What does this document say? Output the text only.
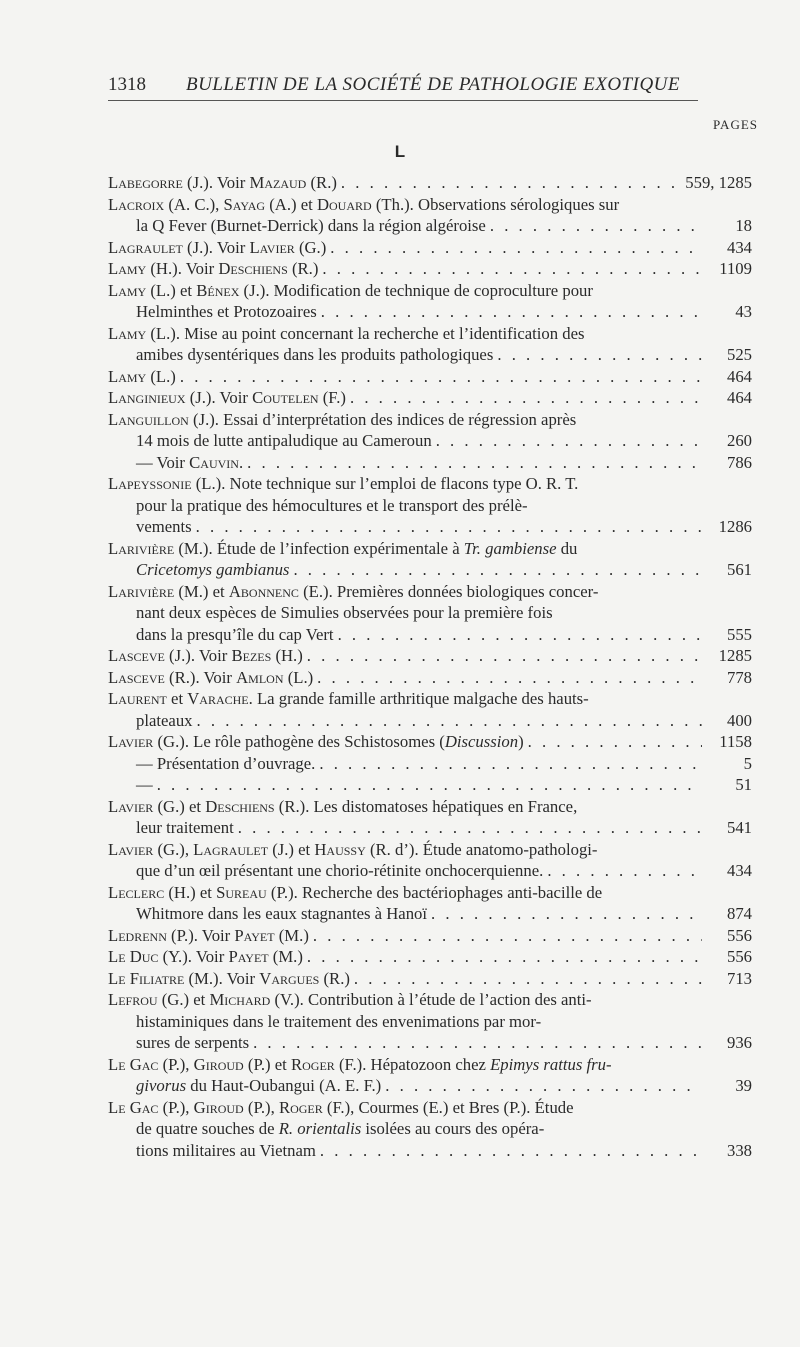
1318 BULLETIN DE LA SOCIÉTÉ DE PATHOLOGIE EXOTIQUE
PAGES
L
Labegorre (J.). Voir Mazaud (R.) . . .	559, 1285
Lacroix (A. C.), Sayag (A.) et Douard (Th.). Observations sérologiques sur
la Q Fever (Burnet-Derrick) dans la région algéroise . . .	18
Lagraulet (J.). Voir Lavier (G.) . . .	434
Lamy (H.). Voir Deschiens (R.) . . .	1109
Lamy (L.) et Bénex (J.). Modification de technique de coproculture pour
Helminthes et Protozoaires . . .	43
Lamy (L.). Mise au point concernant la recherche et l’identification des
amibes dysentériques dans les produits pathologiques . . .	525
Lamy (L.) . . .	464
Langinieux (J.). Voir Coutelen (F.) . . .	464
Languillon (J.). Essai d’interprétation des indices de régression après
14 mois de lutte antipaludique au Cameroun . . .	260
— Voir Cauvin. . . .	786
Lapeyssonie (L.). Note technique sur l’emploi de flacons type O. R. T.
pour la pratique des hémocultures et le transport des prélè-
vements . . .	1286
Larivière (M.). Étude de l’infection expérimentale à Tr. gambiense du
Cricetomys gambianus . . .	561
Larivière (M.) et Abonnenc (E.). Premières données biologiques concer-
nant deux espèces de Simulies observées pour la première fois
dans la presqu’île du cap Vert . . .	555
Lasceve (J.). Voir Bezes (H.) . . .	1285
Lasceve (R.). Voir Amlon (L.) . . .	778
Laurent et Varache. La grande famille arthritique malgache des hauts-
plateaux . . .	400
Lavier (G.). Le rôle pathogène des Schistosomes (Discussion) . . .	1158
— Présentation d’ouvrage. . . .	5
— . . .	51
Lavier (G.) et Deschiens (R.). Les distomatoses hépatiques en France,
leur traitement . . .	541
Lavier (G.), Lagraulet (J.) et Haussy (R. d’). Étude anatomo-pathologi-
que d’un œil présentant une chorio-rétinite onchocerquienne. . . .	434
Leclerc (H.) et Sureau (P.). Recherche des bactériophages anti-bacille de
Whitmore dans les eaux stagnantes à Hanoï . . .	874
Ledrenn (P.). Voir Payet (M.) . . .	556
Le Duc (Y.). Voir Payet (M.) . . .	556
Le Filiatre (M.). Voir Vargues (R.) . . .	713
Lefrou (G.) et Michard (V.). Contribution à l’étude de l’action des anti-
histaminiques dans le traitement des envenimations par mor-
sures de serpents . . .	936
Le Gac (P.), Giroud (P.) et Roger (F.). Hépatozoon chez Epimys rattus fru-
givorus du Haut-Oubangui (A. E. F.) . . .	39
Le Gac (P.), Giroud (P.), Roger (F.), Courmes (E.) et Bres (P.). Étude
de quatre souches de R. orientalis isolées au cours des opéra-
tions militaires au Vietnam . . .	338
